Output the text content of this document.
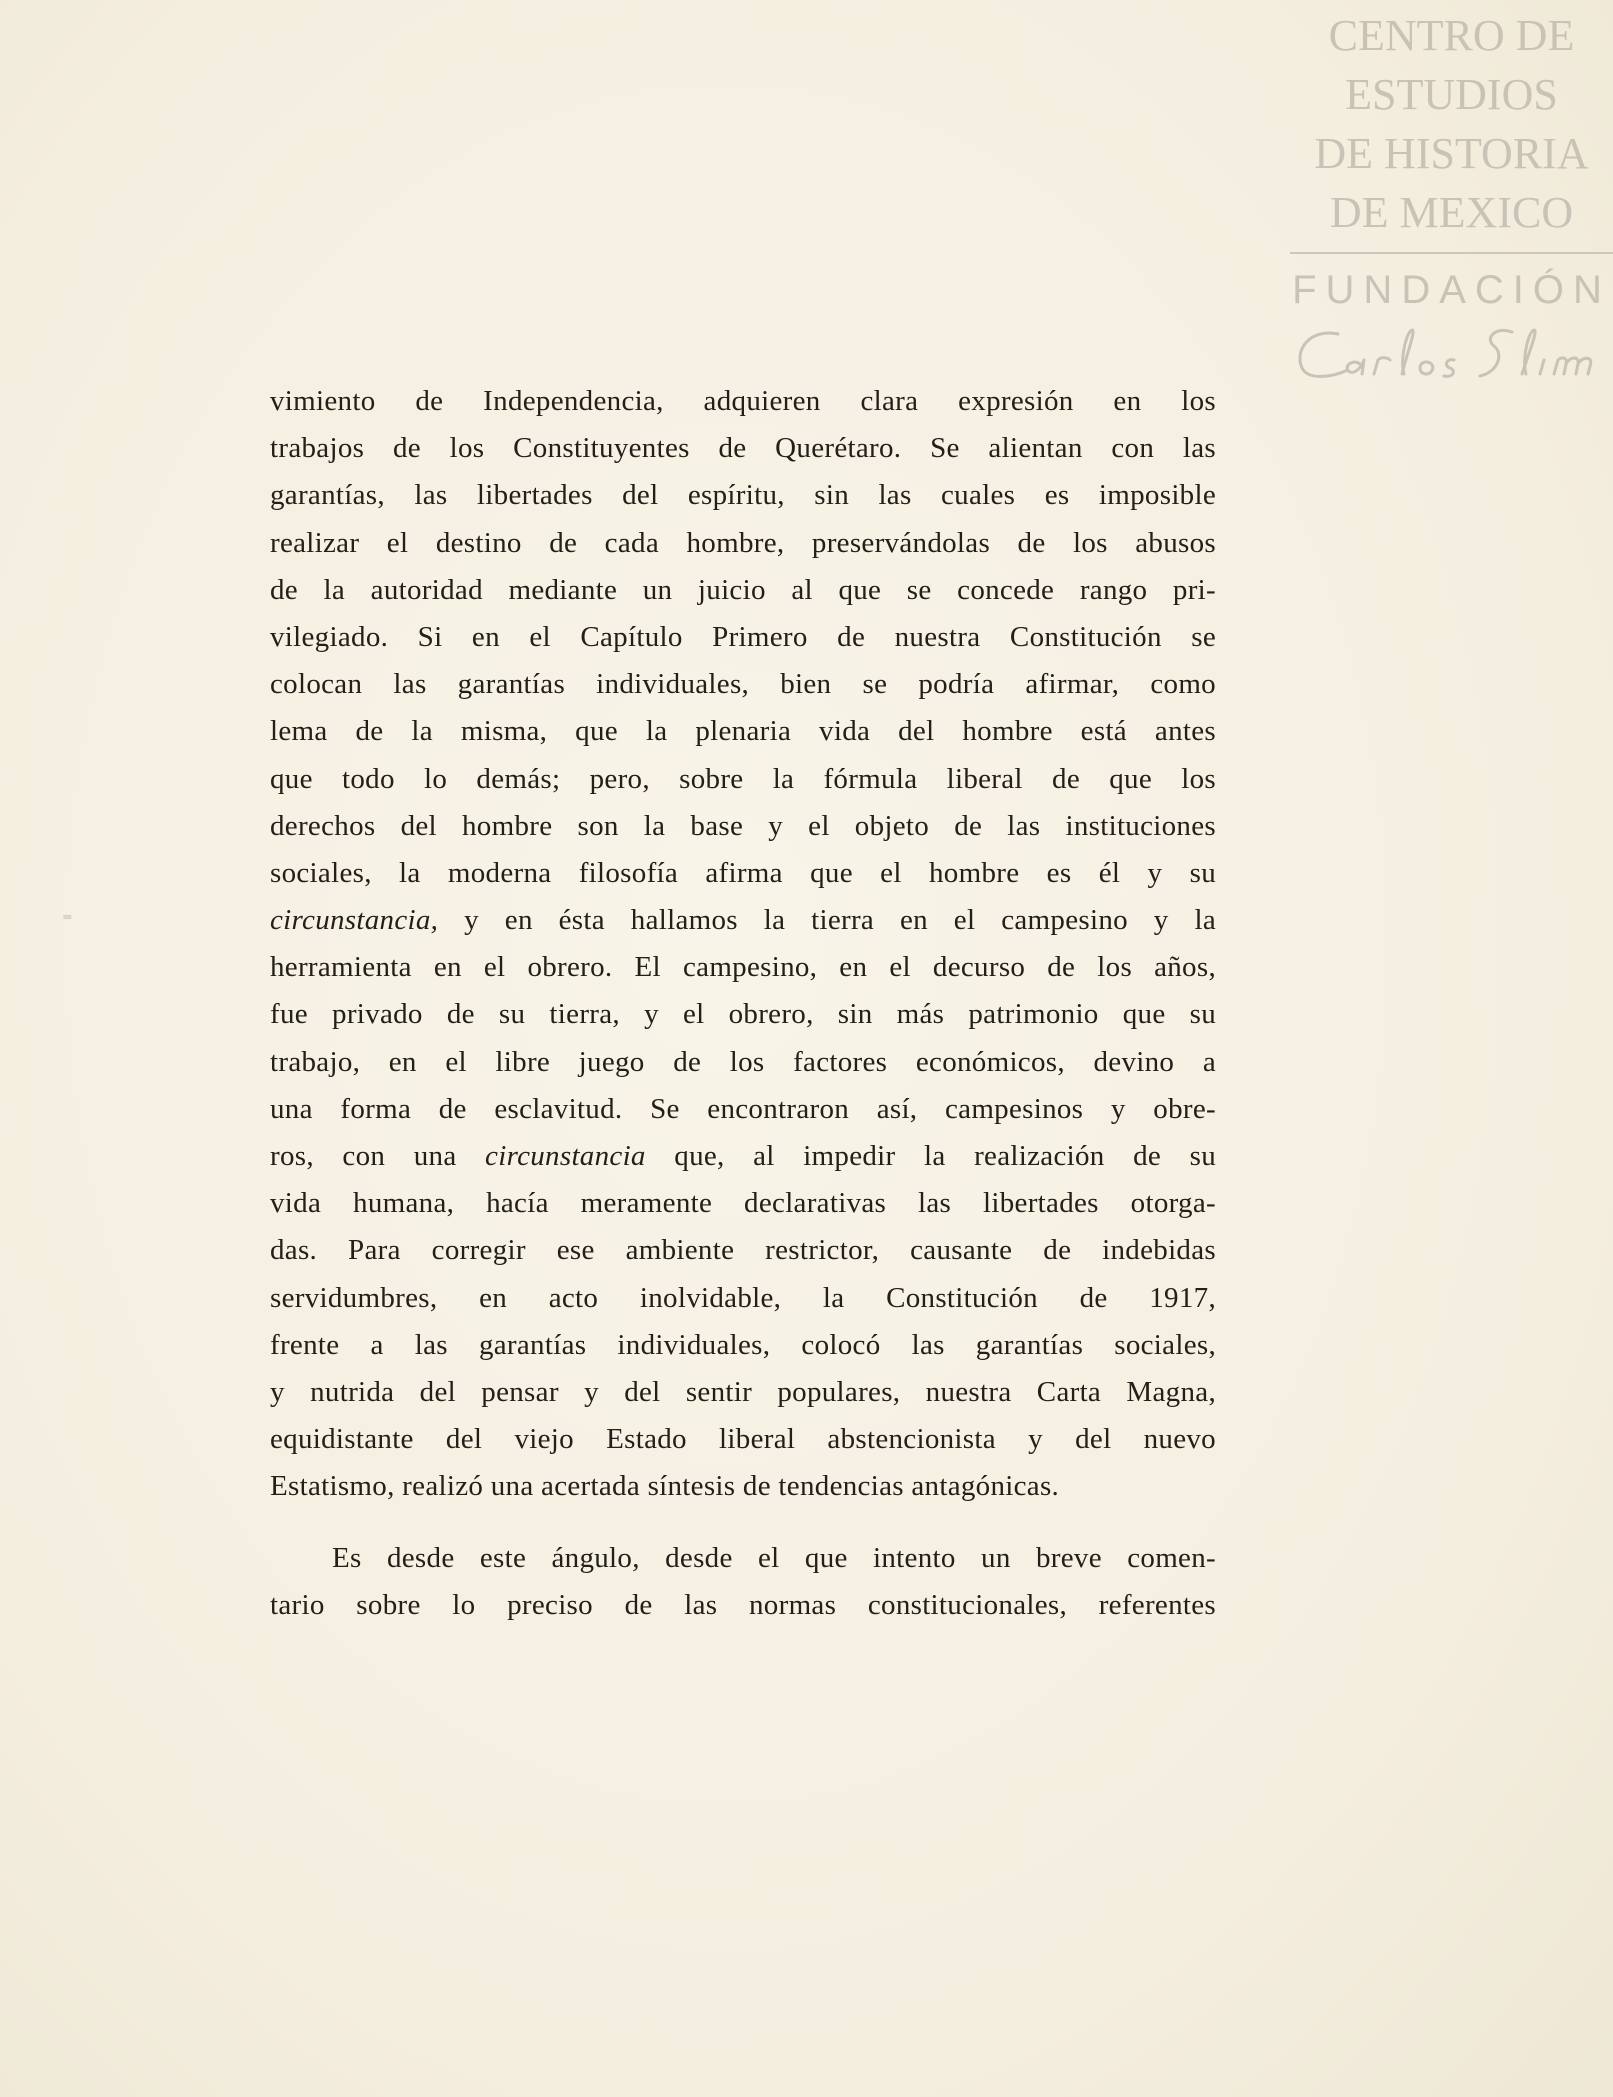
CENTRO DE
ESTUDIOS
DE HISTORIA
DE MEXICO
FUNDACIÓN
⁼

vimiento de Independencia, adquieren clara expresión en los
trabajos de los Constituyentes de Querétaro. Se alientan con las
garantías, las libertades del espíritu, sin las cuales es imposible
realizar el destino de cada hombre, preservándolas de los abusos
de la autoridad mediante un juicio al que se concede rango pri-
vilegiado. Si en el Capítulo Primero de nuestra Constitución se
colocan las garantías individuales, bien se podría afirmar, como
lema de la misma, que la plenaria vida del hombre está antes
que todo lo demás; pero, sobre la fórmula liberal de que los
derechos del hombre son la base y el objeto de las instituciones
sociales, la moderna filosofía afirma que el hombre es él y su
circunstancia, y en ésta hallamos la tierra en el campesino y la
herramienta en el obrero. El campesino, en el decurso de los años,
fue privado de su tierra, y el obrero, sin más patrimonio que su
trabajo, en el libre juego de los factores económicos, devino a
una forma de esclavitud. Se encontraron así, campesinos y obre-
ros, con una circunstancia que, al impedir la realización de su
vida humana, hacía meramente declarativas las libertades otorga-
das. Para corregir ese ambiente restrictor, causante de indebidas
servidumbres, en acto inolvidable, la Constitución de 1917,
frente a las garantías individuales, colocó las garantías sociales,
y nutrida del pensar y del sentir populares, nuestra Carta Magna,
equidistante del viejo Estado liberal abstencionista y del nuevo
Estatismo, realizó una acertada síntesis de tendencias antagónicas.

Es desde este ángulo, desde el que intento un breve comen-
tario sobre lo preciso de las normas constitucionales, referentes
